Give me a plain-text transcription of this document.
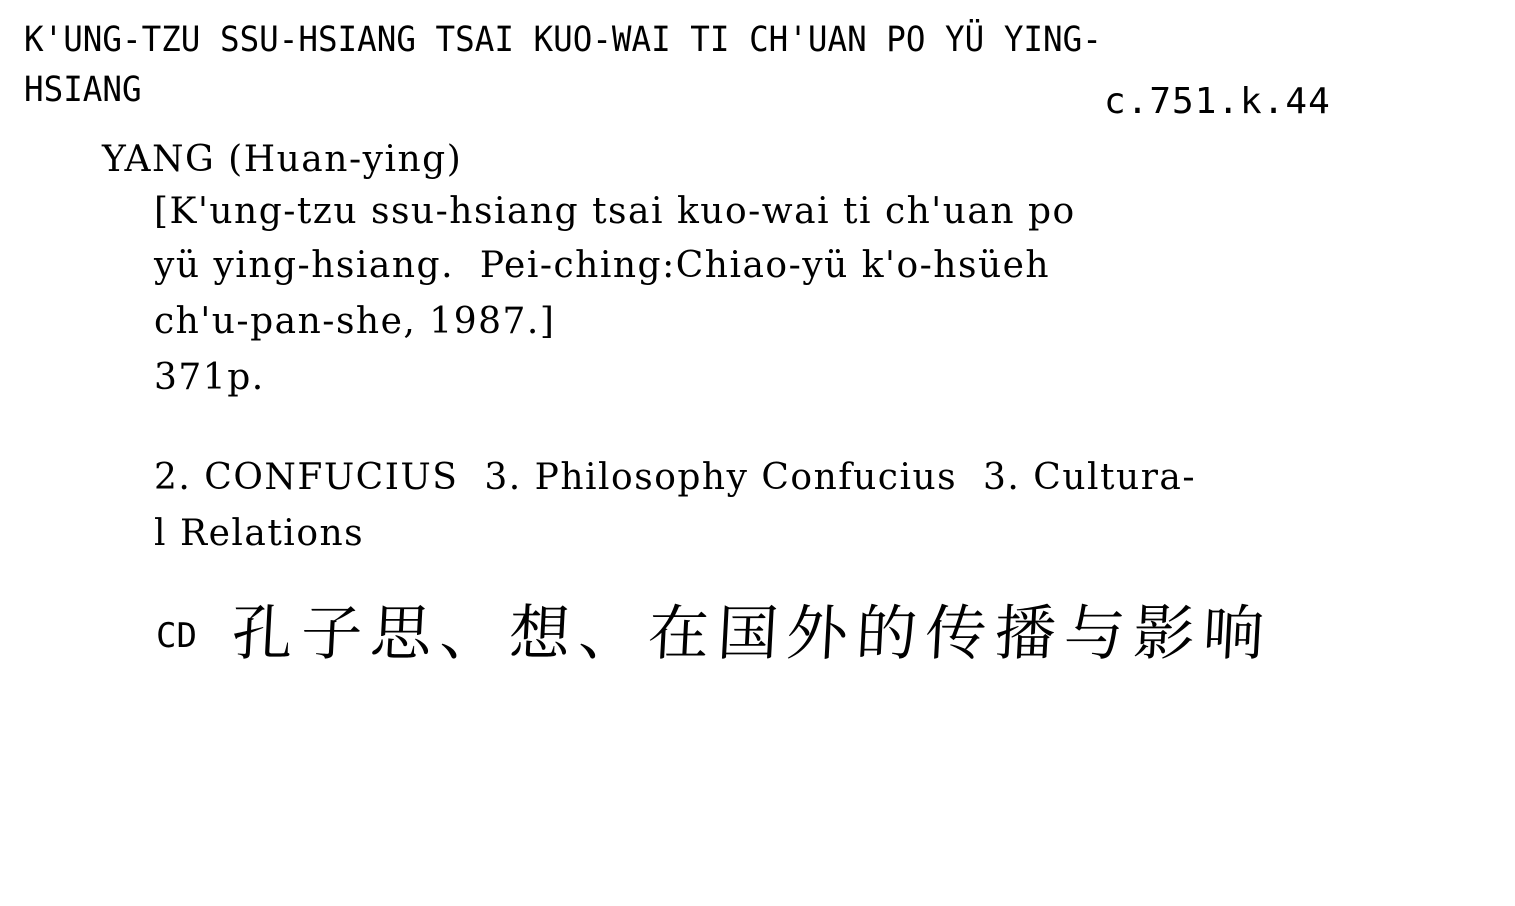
K'UNG-TZU SSU-HSIANG TSAI KUO-WAI TI CH'UAN PO YÜ YING-
HSIANG	c.751.k.44
YANG (Huan-ying)
[K'ung-tzu ssu-hsiang tsai kuo-wai ti ch'uan po
yü ying-hsiang.  Pei-ching:Chiao-yü k'o-hsüeh
ch'u-pan-she, 1987.]
371p.
2. CONFUCIUS  3. Philosophy Confucius  3. Cultura-
l Relations
CD 孔子思、想、在国外的传播与影响
